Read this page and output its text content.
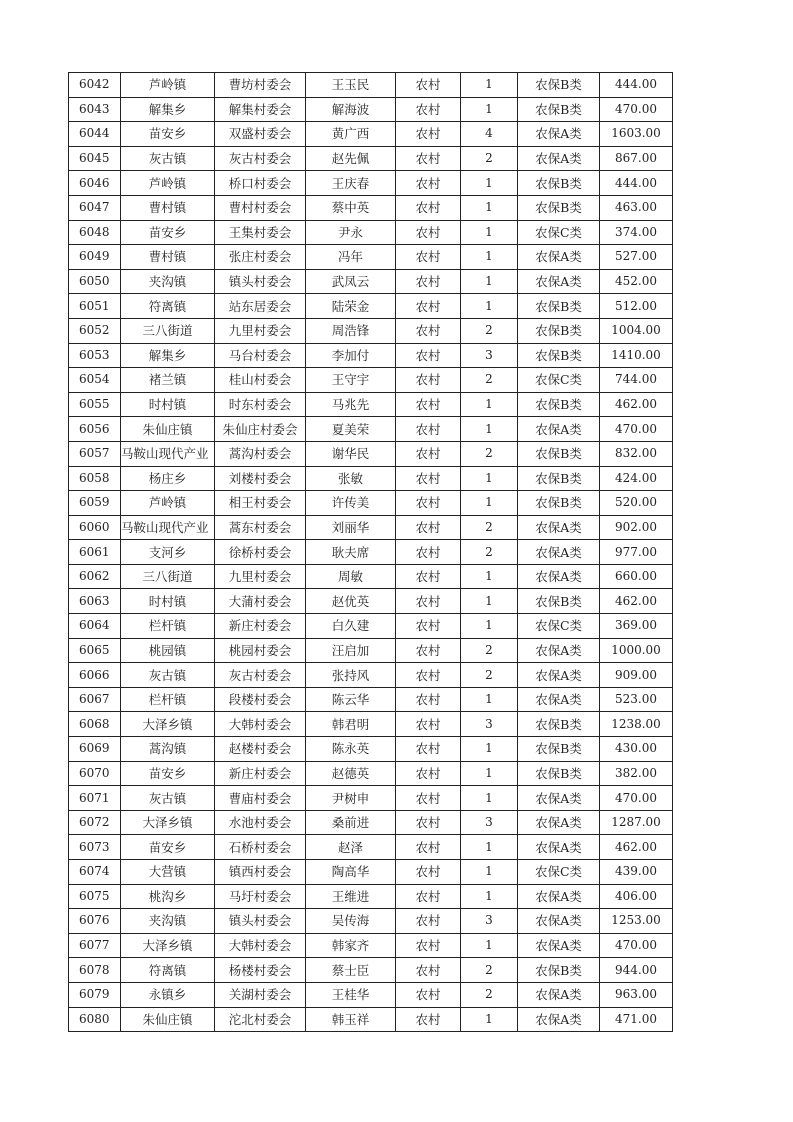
6042	芦岭镇	曹坊村委会	王玉民	农村	1	农保B类	444.00
6043	解集乡	解集村委会	解海波	农村	1	农保B类	470.00
6044	苗安乡	双盛村委会	黄广西	农村	4	农保A类	1603.00
6045	灰古镇	灰古村委会	赵先佩	农村	2	农保A类	867.00
6046	芦岭镇	桥口村委会	王庆春	农村	1	农保B类	444.00
6047	曹村镇	曹村村委会	蔡中英	农村	1	农保B类	463.00
6048	苗安乡	王集村委会	尹永	农村	1	农保C类	374.00
6049	曹村镇	张庄村委会	冯年	农村	1	农保A类	527.00
6050	夹沟镇	镇头村委会	武凤云	农村	1	农保A类	452.00
6051	符离镇	站东居委会	陆荣金	农村	1	农保B类	512.00
6052	三八街道	九里村委会	周浩锋	农村	2	农保B类	1004.00
6053	解集乡	马台村委会	李加付	农村	3	农保B类	1410.00
6054	褚兰镇	桂山村委会	王守宇	农村	2	农保C类	744.00
6055	时村镇	时东村委会	马兆先	农村	1	农保B类	462.00
6056	朱仙庄镇	朱仙庄村委会	夏美荣	农村	1	农保A类	470.00
6057	马鞍山现代产业	蒿沟村委会	谢华民	农村	2	农保B类	832.00
6058	杨庄乡	刘楼村委会	张敏	农村	1	农保B类	424.00
6059	芦岭镇	相王村委会	许传美	农村	1	农保B类	520.00
6060	马鞍山现代产业	蒿东村委会	刘丽华	农村	2	农保A类	902.00
6061	支河乡	徐桥村委会	耿夫席	农村	2	农保A类	977.00
6062	三八街道	九里村委会	周敏	农村	1	农保A类	660.00
6063	时村镇	大蒲村委会	赵优英	农村	1	农保B类	462.00
6064	栏杆镇	新庄村委会	白久建	农村	1	农保C类	369.00
6065	桃园镇	桃园村委会	汪启加	农村	2	农保A类	1000.00
6066	灰古镇	灰古村委会	张持风	农村	2	农保A类	909.00
6067	栏杆镇	段楼村委会	陈云华	农村	1	农保A类	523.00
6068	大泽乡镇	大韩村委会	韩君明	农村	3	农保B类	1238.00
6069	蒿沟镇	赵楼村委会	陈永英	农村	1	农保B类	430.00
6070	苗安乡	新庄村委会	赵德英	农村	1	农保B类	382.00
6071	灰古镇	曹庙村委会	尹树申	农村	1	农保A类	470.00
6072	大泽乡镇	水池村委会	桑前进	农村	3	农保A类	1287.00
6073	苗安乡	石桥村委会	赵泽	农村	1	农保A类	462.00
6074	大营镇	镇西村委会	陶高华	农村	1	农保C类	439.00
6075	桃沟乡	马圩村委会	王维进	农村	1	农保A类	406.00
6076	夹沟镇	镇头村委会	吴传海	农村	3	农保A类	1253.00
6077	大泽乡镇	大韩村委会	韩家齐	农村	1	农保A类	470.00
6078	符离镇	杨楼村委会	蔡士臣	农村	2	农保B类	944.00
6079	永镇乡	关湖村委会	王桂华	农村	2	农保A类	963.00
6080	朱仙庄镇	沱北村委会	韩玉祥	农村	1	农保A类	471.00
